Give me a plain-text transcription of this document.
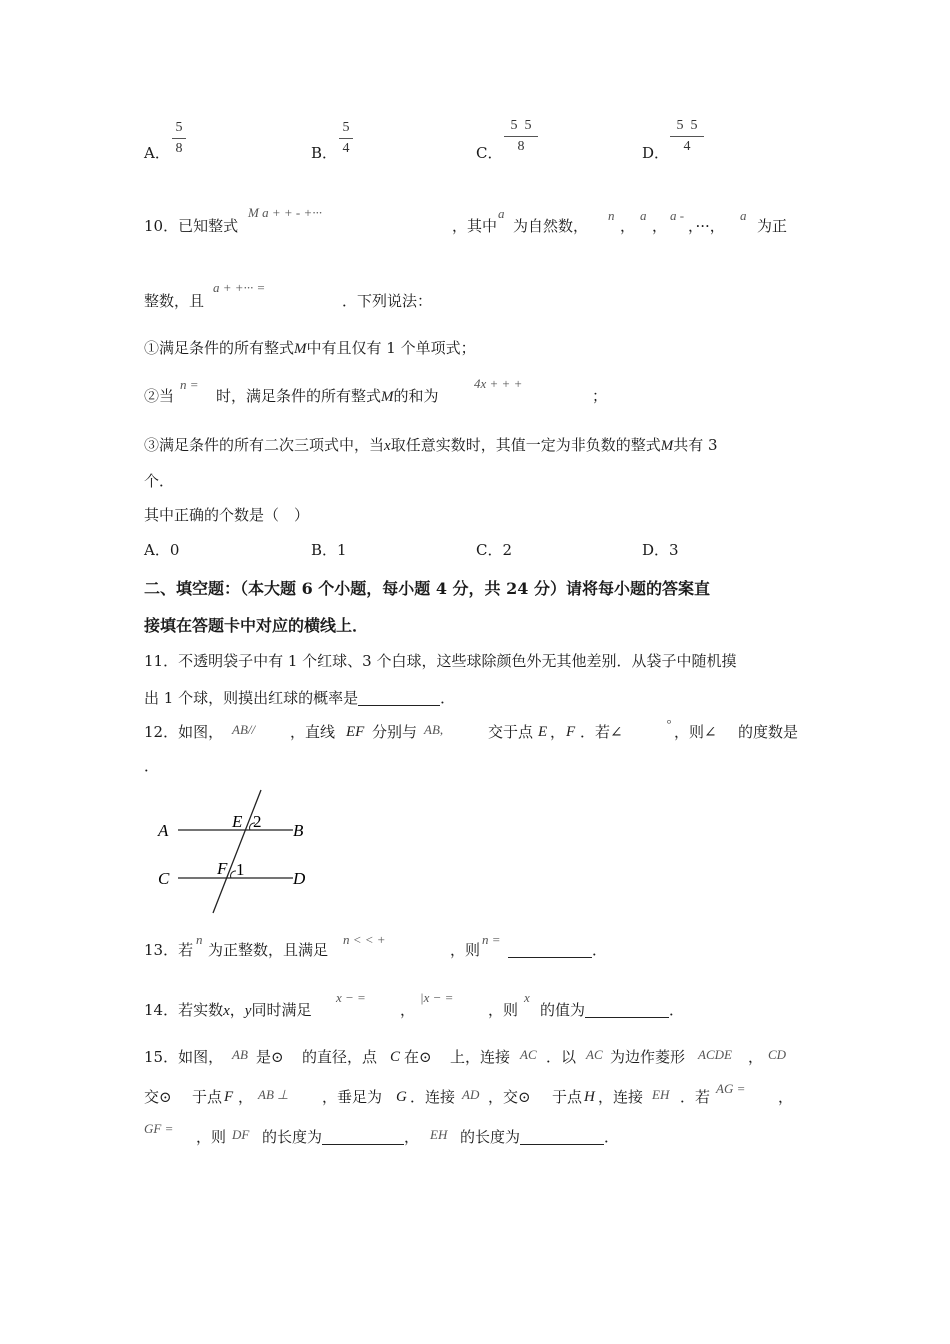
A．
5
8	B．
5
4	C．
5  5
8	D．
5  5
4
10．已知整式
M a + + - +···
，其中
a
为自然数，
n
，
a
，
a -
，···，
a
为正
整数，且
a + +··· =
．下列说法：
①满足条件的所有整式M中有且仅有 1 个单项式；
②当
n =
时，满足条件的所有整式M的和为
4x + + +
；
③满足条件的所有二次三项式中，当x取任意实数时，其值一定为非负数的整式M共有 3
个．
其中正确的个数是（　）
A．0	B．1	C．2	D．3
二、填空题：（本大题 6 个小题，每小题 4 分，共 24 分）请将每小题的答案直
接填在答题卡中对应的横线上．
11．不透明袋子中有 1 个红球、3 个白球，这些球除颜色外无其他差别．从袋子中随机摸
出 1 个球，则摸出红球的概率是	．
12．如图， AB// ，直线 EF 分别与 AB,	交于点 E ， F ．若∠	° ，则∠ 的度数是
．
A	B
C	D
E
F
2
1
13．若
n
为正整数，且满足
n < < +
，则
n =
．
14．若实数x，y同时满足
x − =
，
|x − =
，则
x
的值为	．
15．如图， AB 是⊙ 的直径，点 C 在⊙ 上，连接 AC ．以 AC 为边作菱形 ACDE ， CD
交⊙ 于点 F ， AB ⊥ ，垂足为 G ．连接 AD ，交⊙ 于点 H ，连接 EH ．若 AG = ，
GF = ，则 DF 的长度为	， EH 的长度为	．
